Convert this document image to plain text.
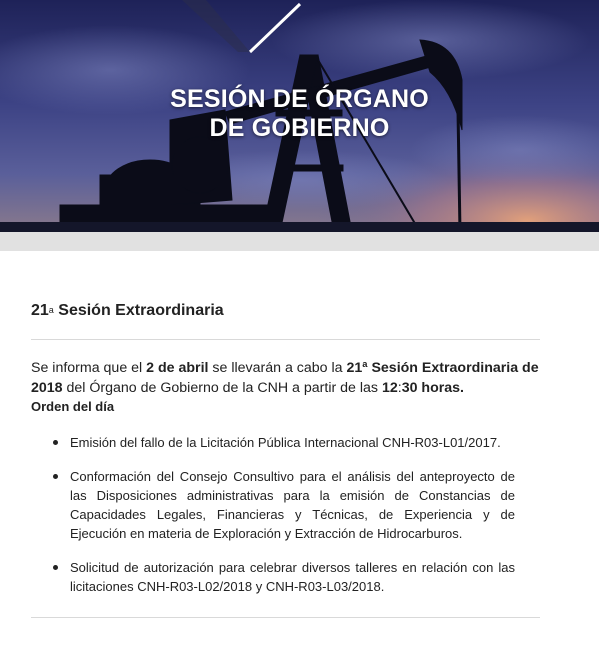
SESIÓN DE ÓRGANO
DE GOBIERNO
21$^a$ Sesión Extraordinaria
Se informa que el 2 de abril se llevarán a cabo la 21ª Sesión Extraordinaria de 2018 del Órgano de Gobierno de la CNH a partir de las 12:30 horas.
Orden del día
Emisión del fallo de la Licitación Pública Internacional CNH-R03-L01/2017.
Conformación del Consejo Consultivo para el análisis del anteproyecto de las Disposiciones administrativas para la emisión de Constancias de Capacidades Legales, Financieras y Técnicas, de Experiencia y de Ejecución en materia de Exploración y Extracción de Hidrocarburos.
Solicitud de autorización para celebrar diversos talleres en relación con las licitaciones CNH-R03-L02/2018 y CNH-R03-L03/2018.
